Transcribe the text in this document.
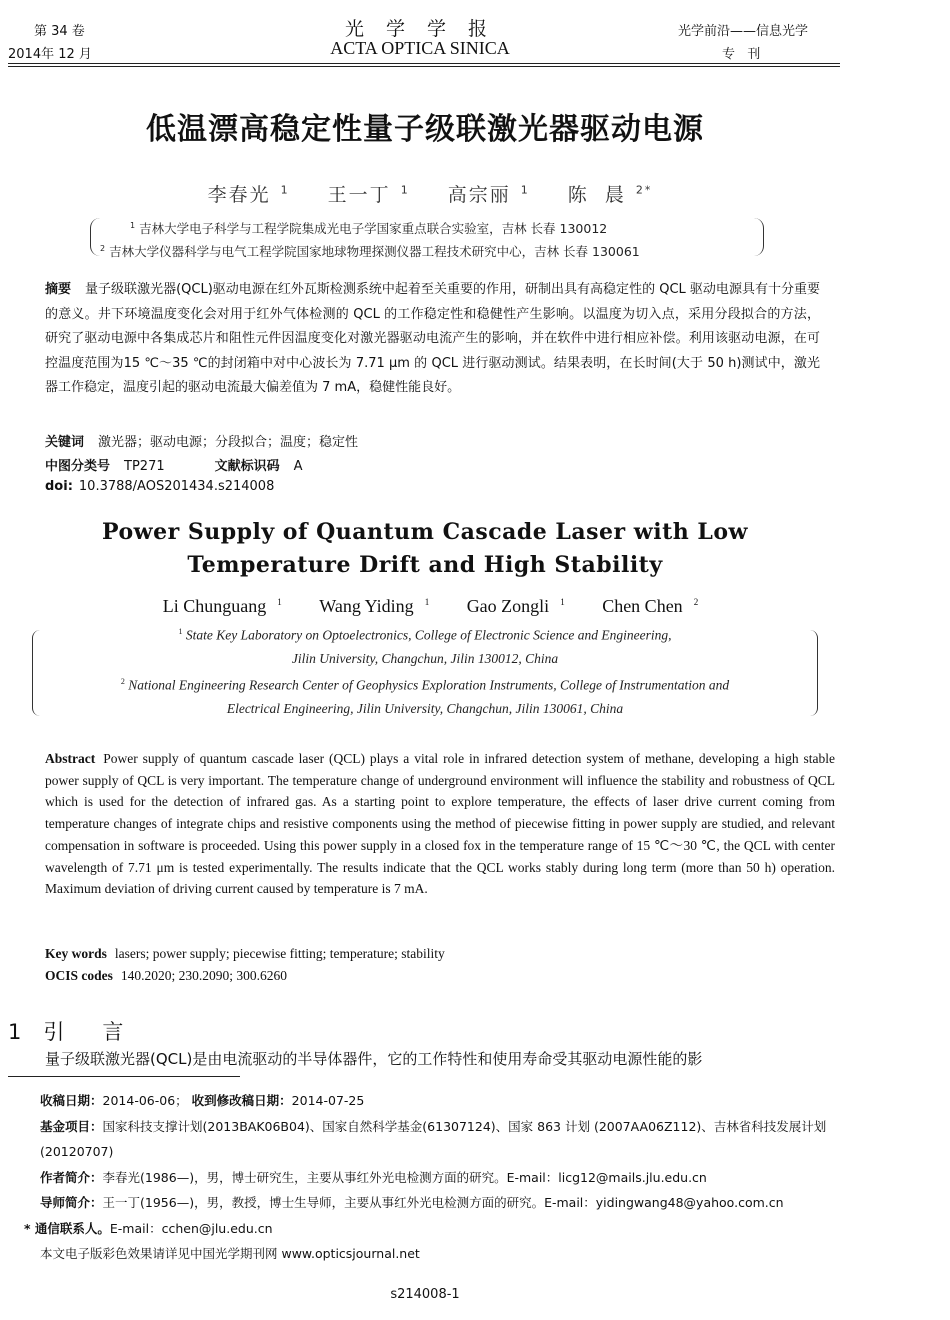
第 34 卷
2014年 12 月
光 学 学 报
ACTA OPTICA SINICA
光学前沿——信息光学
专   刊
低温漂高稳定性量子级联激光器驱动电源
李春光 $^1$ 王一丁 $^1$ 高宗丽 $^1$ 陈  晨 $^{2*}$
$^1$ 吉林大学电子科学与工程学院集成光电子学国家重点联合实验室，吉林 长春 130012
$^2$ 吉林大学仪器科学与电气工程学院国家地球物理探测仪器工程技术研究中心，吉林 长春 130061
摘要 量子级联激光器(QCL)驱动电源在红外瓦斯检测系统中起着至关重要的作用，研制出具有高稳定性的 QCL 驱动电源具有十分重要的意义。井下环境温度变化会对用于红外气体检测的 QCL 的工作稳定性和稳健性产生影响。以温度为切入点，采用分段拟合的方法，研究了驱动电源中各集成芯片和阻性元件因温度变化对激光器驱动电流产生的影响，并在软件中进行相应补偿。利用该驱动电源，在可控温度范围为15 ℃～35 ℃的封闭箱中对中心波长为 7.71 μm 的 QCL 进行驱动测试。结果表明，在长时间(大于 50 h)测试中，激光器工作稳定，温度引起的驱动电流最大偏差值为 7 mA，稳健性能良好。
关键词 激光器；驱动电源；分段拟合；温度；稳定性
中图分类号 TP271	文献标识码 A
doi: 10.3788/AOS201434.s214008
Power Supply of Quantum Cascade Laser with Low
Temperature Drift and High Stability
Li Chunguang $^1$ Wang Yiding $^1$ Gao Zongli $^1$ Chen Chen $^2$
$^1$ State Key Laboratory on Optoelectronics, College of Electronic Science and Engineering,
Jilin University, Changchun, Jilin 130012, China
$^2$ National Engineering Research Center of Geophysics Exploration Instruments, College of Instrumentation and
Electrical Engineering, Jilin University, Changchun, Jilin 130061, China
Abstract Power supply of quantum cascade laser (QCL) plays a vital role in infrared detection system of methane, developing a high stable power supply of QCL is very important. The temperature change of underground environment will influence the stability and robustness of QCL which is used for the detection of infrared gas. As a starting point to explore temperature, the effects of laser drive current coming from temperature changes of integrate chips and resistive components using the method of piecewise fitting in power supply are studied, and relevant compensation in software is proceeded. Using this power supply in a closed fox in the temperature range of 15 ℃～30 ℃, the QCL with center wavelength of 7.71 μm is tested experimentally. The results indicate that the QCL works stably during long term (more than 50 h) operation. Maximum deviation of driving current caused by temperature is 7 mA.
Key words lasers; power supply; piecewise fitting; temperature; stability
OCIS codes 140.2020; 230.2090; 300.6260
1 引言
量子级联激光器(QCL)是由电流驱动的半导体器件，它的工作特性和使用寿命受其驱动电源性能的影
收稿日期：2014-06-06； 收到修改稿日期：2014-07-25
基金项目：国家科技支撑计划(2013BAK06B04)、国家自然科学基金(61307124)、国家 863 计划 (2007AA06Z112)、吉林省科技发展计划(20120707)
作者简介：李春光(1986—)，男，博士研究生，主要从事红外光电检测方面的研究。E-mail：licg12@mails.jlu.edu.cn
导师简介：王一丁(1956—)，男，教授，博士生导师，主要从事红外光电检测方面的研究。E-mail：yidingwang48@yahoo.com.cn
* 通信联系人。E-mail：cchen@jlu.edu.cn
本文电子版彩色效果请详见中国光学期刊网 www.opticsjournal.net
s214008-1
